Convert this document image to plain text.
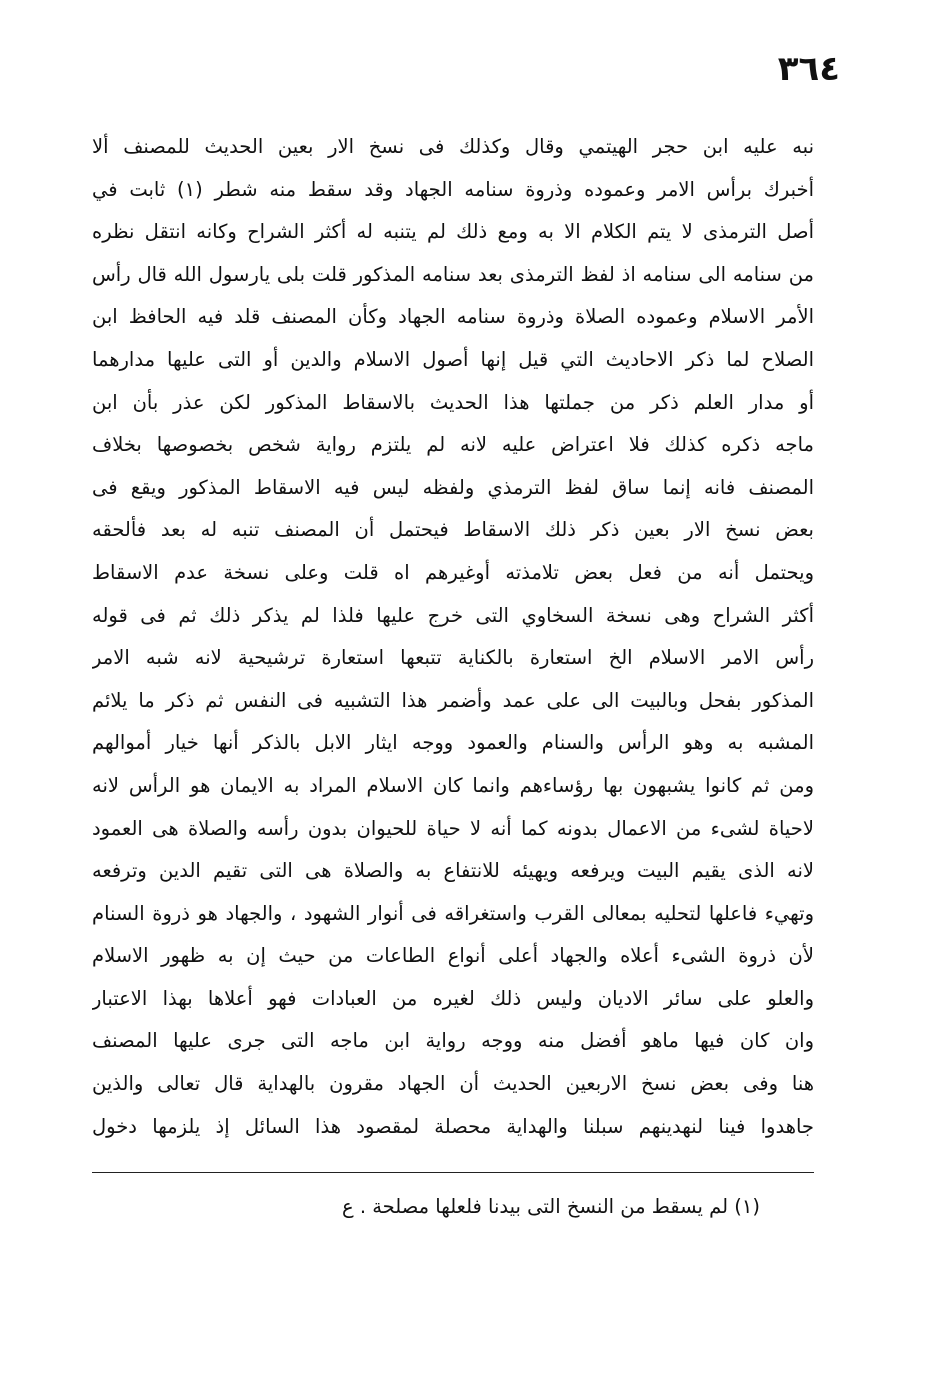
٣٦٤
نبه عليه ابن حجر الهيتمي وقال وكذلك فى نسخ الار بعين الحديث للمصنف ألا
أخبرك برأس الامر وعموده وذروة سنامه الجهاد وقد سقط منه شطر (١) ثابت في
أصل الترمذى لا يتم الكلام الا به ومع ذلك لم يتنبه له أكثر الشراح وكانه انتقل نظره
من سنامه الى سنامه اذ لفظ الترمذى بعد سنامه المذكور قلت بلى يارسول الله قال رأس
الأمر الاسلام وعموده الصلاة وذروة سنامه الجهاد وكأن المصنف قلد فيه الحافظ ابن
الصلاح لما ذكر الاحاديث التي قيل إنها أصول الاسلام والدين أو التى عليها مدارهما
أو مدار العلم ذكر من جملتها هذا الحديث بالاسقاط المذكور لكن عذر بأن ابن
ماجه ذكره كذلك فلا اعتراض عليه لانه لم يلتزم رواية شخص بخصوصها بخلاف
المصنف فانه إنما ساق لفظ الترمذي ولفظه ليس فيه الاسقاط المذكور ويقع فى
بعض نسخ الار بعين ذكر ذلك الاسقاط فيحتمل أن المصنف تنبه له بعد فألحقه
ويحتمل أنه من فعل بعض تلامذته أوغيرهم اه قلت وعلى نسخة عدم الاسقاط
أكثر الشراح وهى نسخة السخاوي التى خرج عليها فلذا لم يذكر ذلك ثم فى قوله
رأس الامر الاسلام الخ استعارة بالكناية تتبعها استعارة ترشيحية لانه شبه الامر
المذكور بفحل وبالبيت الى على عمد وأضمر هذا التشبيه فى النفس ثم ذكر ما يلائم
المشبه به وهو الرأس والسنام والعمود ووجه ايثار الابل بالذكر أنها خيار أموالهم
ومن ثم كانوا يشبهون بها رؤساءهم وانما كان الاسلام المراد به الايمان هو الرأس لانه
لاحياة لشىء من الاعمال بدونه كما أنه لا حياة للحيوان بدون رأسه والصلاة هى العمود
لانه الذى يقيم البيت ويرفعه ويهيئه للانتفاع به والصلاة هى التى تقيم الدين وترفعه
وتهيء فاعلها لتحليه بمعالى القرب واستغراقه فى أنوار الشهود ، والجهاد هو ذروة السنام
لأن ذروة الشىء أعلاه والجهاد أعلى أنواع الطاعات من حيث إن به ظهور الاسلام
والعلو على سائر الاديان وليس ذلك لغيره من العبادات فهو أعلاها بهذا الاعتبار
وان كان فيها ماهو أفضل منه ووجه رواية ابن ماجه التى جرى عليها المصنف
هنا وفى بعض نسخ الاربعين الحديث أن الجهاد مقرون بالهداية قال تعالى والذين
جاهدوا فينا لنهدينهم سبلنا والهداية محصلة لمقصود هذا السائل إذ يلزمها دخول
(١) لم يسقط من النسخ التى بيدنا فلعلها مصلحة . ع
